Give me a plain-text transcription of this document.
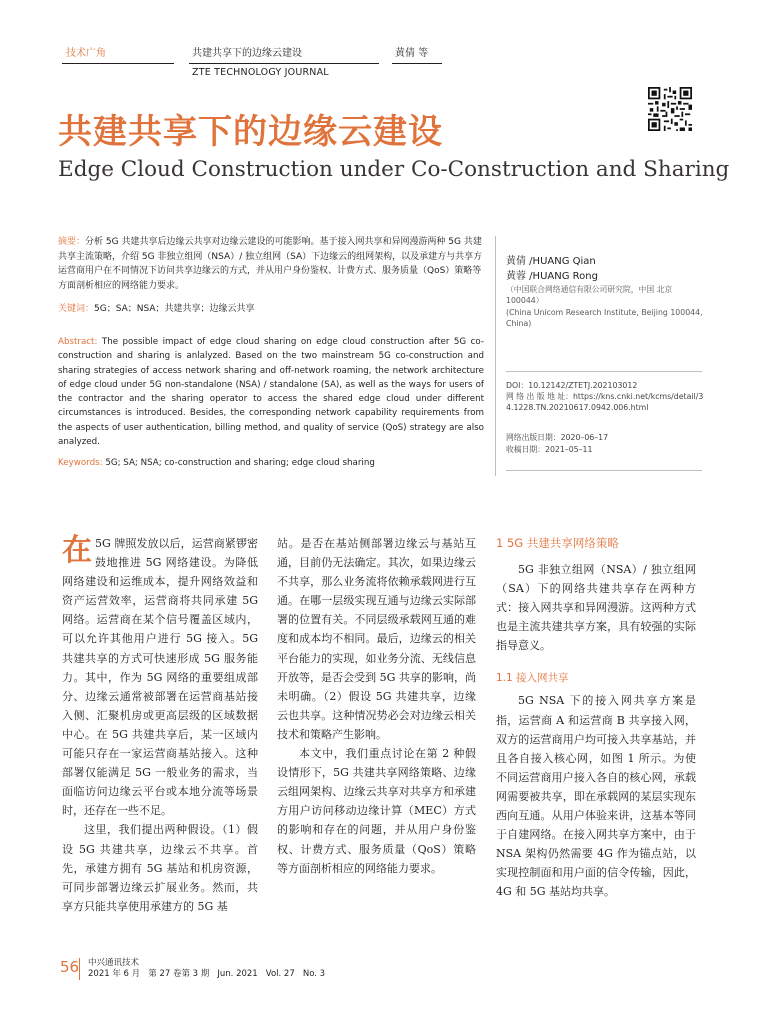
技术广角	共建共享下的边缘云建设	黄倩 等
ZTE TECHNOLOGY JOURNAL
共建共享下的边缘云建设
Edge Cloud Construction under Co-Construction and Sharing
摘要：分析 5G 共建共享后边缘云共享对边缘云建设的可能影响。基于接入网共享和异网漫游两种 5G 共建共享主流策略，介绍 5G 非独立组网（NSA）/ 独立组网（SA）下边缘云的组网架构，以及承建方与共享方运营商用户在不同情况下访问共享边缘云的方式，并从用户身份鉴权、计费方式、服务质量（QoS）策略等方面剖析相应的网络能力要求。
关键词：5G；SA；NSA；共建共享；边缘云共享
Abstract: The possible impact of edge cloud sharing on edge cloud construction after 5G co-construction and sharing is anlalyzed. Based on the two mainstream 5G co-construction and sharing strategies of access network sharing and off-network roaming, the network architecture of edge cloud under 5G non-standalone (NSA) / standalone (SA), as well as the ways for users of the contractor and the sharing operator to access the shared edge cloud under different circumstances is introduced. Besides, the corresponding network capability requirements from the aspects of user authentication, billing method, and quality of service (QoS) strategy are also analyzed.
Keywords: 5G; SA; NSA; co-construction and sharing; edge cloud sharing
黄倩 /HUANG Qian
黄蓉 /HUANG Rong
（中国联合网络通信有限公司研究院，中国 北京 100044）
(China Unicom Research Institute, Beijing 100044, China)
DOI：10.12142/ZTETJ.202103012
网 络 出 版 地 址：https://kns.cnki.net/kcms/detail/34.1228.TN.20210617.0942.006.html
网络出版日期：2020–06–17
收稿日期：2021–05–11

在 5G 牌照发放以后，运营商紧锣密鼓地推进 5G 网络建设。为降低网络建设和运维成本，提升网络效益和资产运营效率，运营商将共同承建 5G 网络。运营商在某个信号覆盖区域内，可以允许其他用户进行 5G 接入。5G 共建共享的方式可快速形成 5G 服务能力。其中，作为 5G 网络的重要组成部分、边缘云通常被部署在运营商基站接入侧、汇聚机房或更高层级的区域数据中心。在 5G 共建共享后，某一区域内可能只存在一家运营商基站接入。这种部署仅能满足 5G 一般业务的需求，当面临访问边缘云平台或本地分流等场景时，还存在一些不足。

这里，我们提出两种假设。（1）假设 5G 共建共享，边缘云不共享。首先，承建方拥有 5G 基站和机房资源，可同步部署边缘云扩展业务。然而，共享方只能共享使用承建方的 5G 基

站。是否在基站侧部署边缘云与基站互通，目前仍无法确定。其次，如果边缘云不共享，那么业务流将依赖承载网进行互通。在哪一层级实现互通与边缘云实际部署的位置有关。不同层级承载网互通的难度和成本均不相同。最后，边缘云的相关平台能力的实现，如业务分流、无线信息开放等，是否会受到 5G 共享的影响，尚未明确。（2）假设 5G 共建共享，边缘云也共享。这种情况势必会对边缘云相关技术和策略产生影响。

本文中，我们重点讨论在第 2 种假设情形下，5G 共建共享网络策略、边缘云组网架构、边缘云共享对共享方和承建方用户访问移动边缘计算（MEC）方式的影响和存在的问题，并从用户身份鉴权、计费方式、服务质量（QoS）策略等方面剖析相应的网络能力要求。

1 5G 共建共享网络策略

5G 非独立组网（NSA）/ 独立组网（SA）下的网络共建共享存在两种方式：接入网共享和异网漫游。这两种方式也是主流共建共享方案，具有较强的实际指导意义。

1.1 接入网共享

5G NSA 下的接入网共享方案是指，运营商 A 和运营商 B 共享接入网，双方的运营商用户均可接入共享基站，并且各自接入核心网，如图 1 所示。为使不同运营商用户接入各自的核心网，承载网需要被共享，即在承载网的某层实现东西向互通。从用户体验来讲，这基本等同于自建网络。在接入网共享方案中，由于 NSA 架构仍然需要 4G 作为锚点站，以实现控制面和用户面的信令传输，因此，4G 和 5G 基站均共享。

56 中兴通讯技术
2021 年 6 月   第 27 卷第 3 期   Jun. 2021   Vol. 27   No. 3
